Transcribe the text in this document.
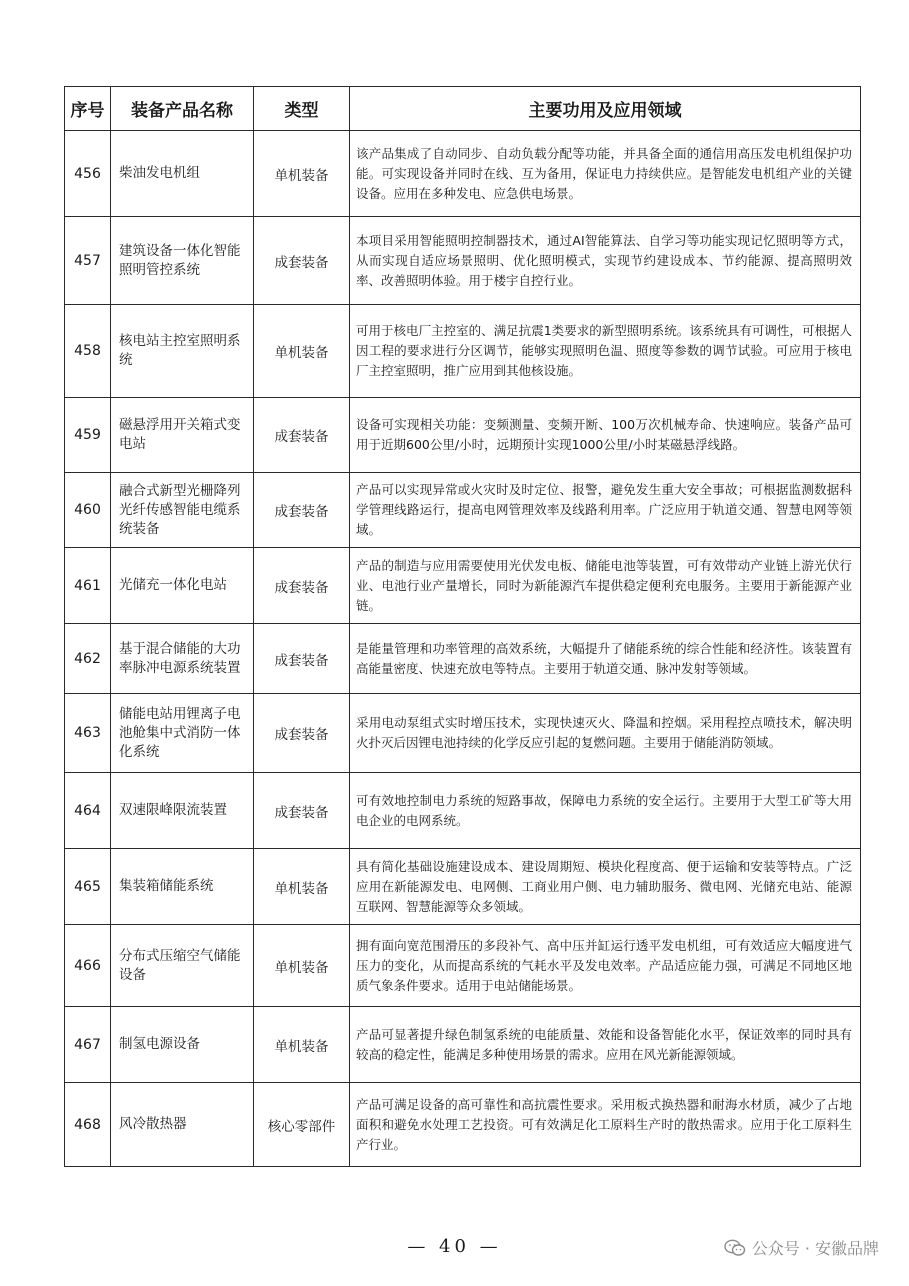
序号	装备产品名称	类型	主要功用及应用领域
456	柴油发电机组	单机装备	该产品集成了自动同步、自动负载分配等功能，并具备全面的通信用高压发电机组保护功能。可实现设备并同时在线、互为备用，保证电力持续供应。是智能发电机组产业的关键设备。应用在多种发电、应急供电场景。
457	建筑设备一体化智能照明管控系统	成套装备	本项目采用智能照明控制器技术，通过AI智能算法、自学习等功能实现记忆照明等方式，从而实现自适应场景照明、优化照明模式，实现节约建设成本、节约能源、提高照明效率、改善照明体验。用于楼宇自控行业。
458	核电站主控室照明系统	单机装备	可用于核电厂主控室的、满足抗震1类要求的新型照明系统。该系统具有可调性，可根据人因工程的要求进行分区调节，能够实现照明色温、照度等参数的调节试验。可应用于核电厂主控室照明，推广应用到其他核设施。
459	磁悬浮用开关箱式变电站	成套装备	设备可实现相关功能：变频测量、变频开断、100万次机械寿命、快速响应。装备产品可用于近期600公里/小时，远期预计实现1000公里/小时某磁悬浮线路。
460	融合式新型光栅降列光纤传感智能电缆系统装备	成套装备	产品可以实现异常或火灾时及时定位、报警，避免发生重大安全事故；可根据监测数据科学管理线路运行，提高电网管理效率及线路利用率。广泛应用于轨道交通、智慧电网等领域。
461	光储充一体化电站	成套装备	产品的制造与应用需要使用光伏发电板、储能电池等装置，可有效带动产业链上游光伏行业、电池行业产量增长，同时为新能源汽车提供稳定便利充电服务。主要用于新能源产业链。
462	基于混合储能的大功率脉冲电源系统装置	成套装备	是能量管理和功率管理的高效系统，大幅提升了储能系统的综合性能和经济性。该装置有高能量密度、快速充放电等特点。主要用于轨道交通、脉冲发射等领域。
463	储能电站用锂离子电池舱集中式消防一体化系统	成套装备	采用电动泵组式实时增压技术，实现快速灭火、降温和控烟。采用程控点喷技术，解决明火扑灭后因锂电池持续的化学反应引起的复燃问题。主要用于储能消防领域。
464	双速限峰限流装置	成套装备	可有效地控制电力系统的短路事故，保障电力系统的安全运行。主要用于大型工矿等大用电企业的电网系统。
465	集装箱储能系统	单机装备	具有简化基础设施建设成本、建设周期短、模块化程度高、便于运输和安装等特点。广泛应用在新能源发电、电网侧、工商业用户侧、电力辅助服务、微电网、光储充电站、能源互联网、智慧能源等众多领域。
466	分布式压缩空气储能设备	单机装备	拥有面向宽范围滑压的多段补气、高中压并缸运行透平发电机组，可有效适应大幅度进气压力的变化，从而提高系统的气耗水平及发电效率。产品适应能力强，可满足不同地区地质气象条件要求。适用于电站储能场景。
467	制氢电源设备	单机装备	产品可显著提升绿色制氢系统的电能质量、效能和设备智能化水平，保证效率的同时具有较高的稳定性，能满足多种使用场景的需求。应用在风光新能源领域。
468	风冷散热器	核心零部件	产品可满足设备的高可靠性和高抗震性要求。采用板式换热器和耐海水材质，减少了占地面积和避免水处理工艺投资。可有效满足化工原料生产时的散热需求。应用于化工原料生产行业。
— 40 —	公众号 · 安徽品牌
